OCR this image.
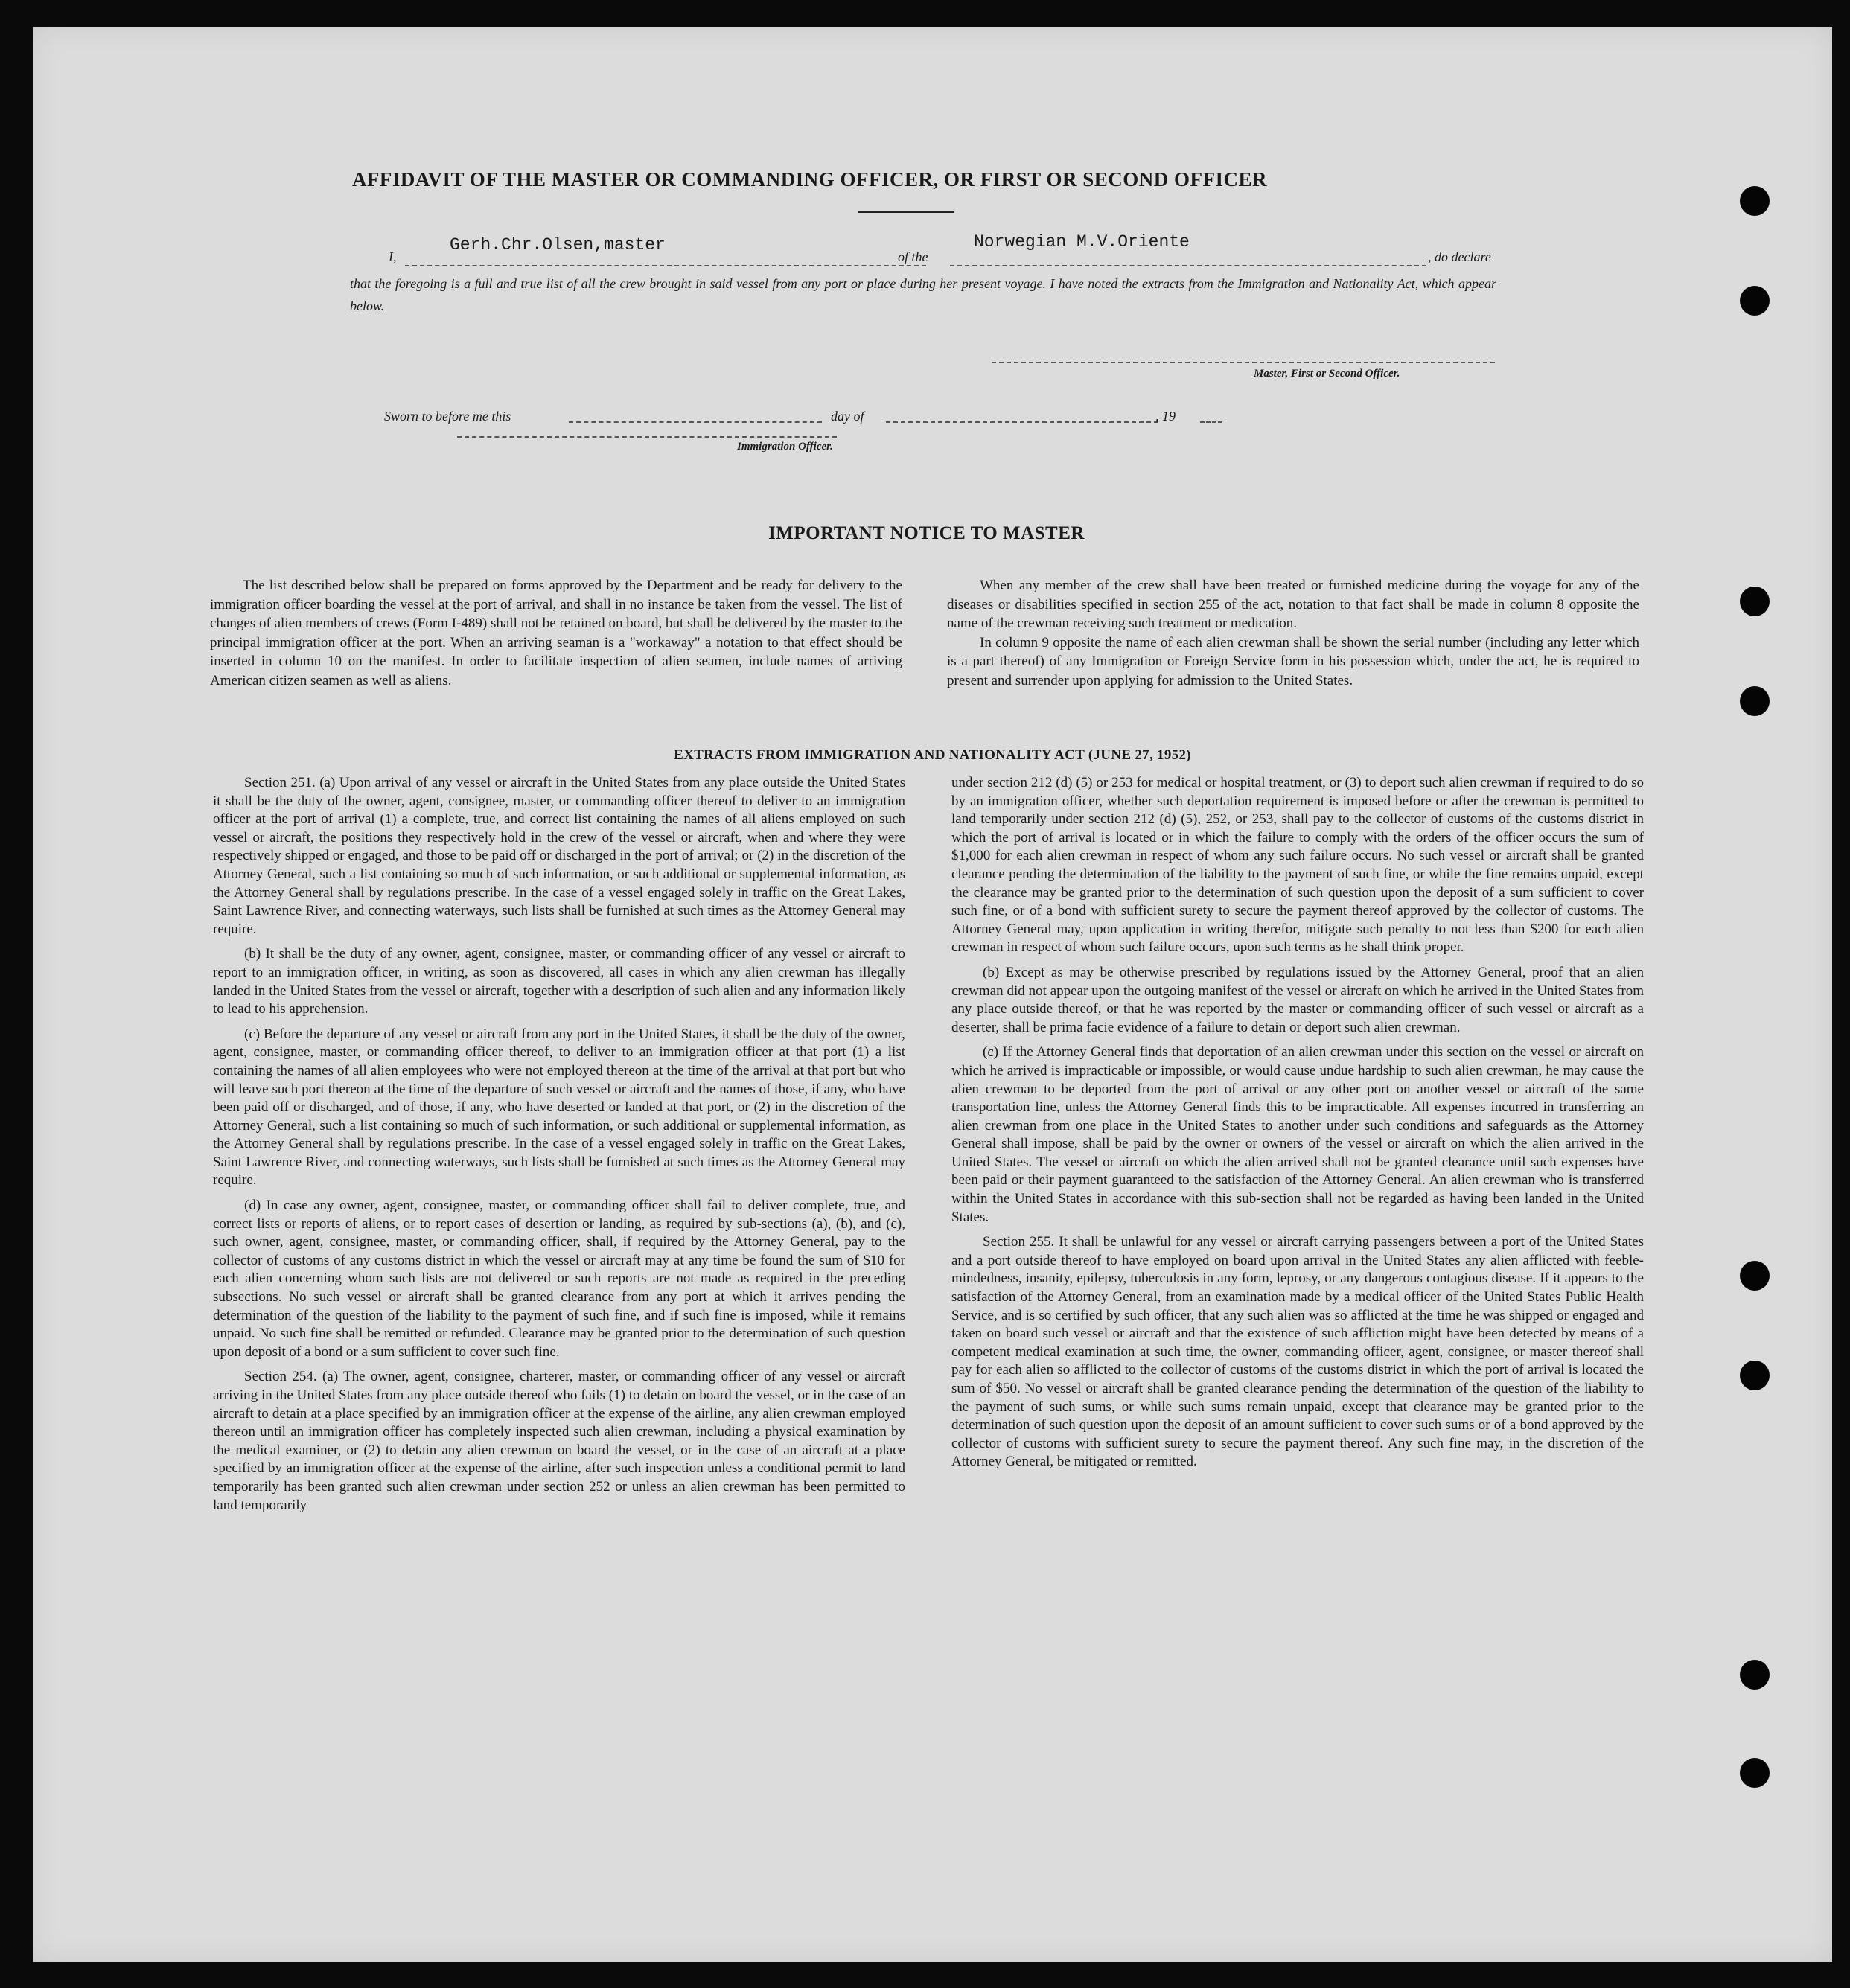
AFFIDAVIT OF THE MASTER OR COMMANDING OFFICER, OR FIRST OR SECOND OFFICER
I,
Gerh.Chr.Olsen,master
of the
Norwegian M.V.Oriente
, do declare
that the foregoing is a full and true list of all the crew brought in said vessel from any port or place during her present voyage. I have noted the extracts from the Immigration and Nationality Act, which appear below.
Master, First or Second Officer.
Sworn to before me this	day of	, 19
Immigration Officer.
IMPORTANT NOTICE TO MASTER

The list described below shall be prepared on forms approved by the Department and be ready for delivery to the immigration officer boarding the vessel at the port of arrival, and shall in no instance be taken from the vessel. The list of changes of alien members of crews (Form I-489) shall not be retained on board, but shall be delivered by the master to the principal immigration officer at the port. When an arriving seaman is a "workaway" a notation to that effect should be inserted in column 10 on the manifest. In order to facilitate inspection of alien seamen, include names of arriving American citizen seamen as well as aliens.

When any member of the crew shall have been treated or furnished medicine during the voyage for any of the diseases or disabilities specified in section 255 of the act, notation to that fact shall be made in column 8 opposite the name of the crewman receiving such treatment or medication.

In column 9 opposite the name of each alien crewman shall be shown the serial number (including any letter which is a part thereof) of any Immigration or Foreign Service form in his possession which, under the act, he is required to present and surrender upon applying for admission to the United States.

EXTRACTS FROM IMMIGRATION AND NATIONALITY ACT (JUNE 27, 1952)

Section 251. (a) Upon arrival of any vessel or aircraft in the United States from any place outside the United States it shall be the duty of the owner, agent, consignee, master, or commanding officer thereof to deliver to an immigration officer at the port of arrival (1) a complete, true, and correct list containing the names of all aliens employed on such vessel or aircraft, the positions they respectively hold in the crew of the vessel or aircraft, when and where they were respectively shipped or engaged, and those to be paid off or discharged in the port of arrival; or (2) in the discretion of the Attorney General, such a list containing so much of such information, or such additional or supplemental information, as the Attorney General shall by regulations prescribe. In the case of a vessel engaged solely in traffic on the Great Lakes, Saint Lawrence River, and connecting waterways, such lists shall be furnished at such times as the Attorney General may require.

(b) It shall be the duty of any owner, agent, consignee, master, or commanding officer of any vessel or aircraft to report to an immigration officer, in writing, as soon as discovered, all cases in which any alien crewman has illegally landed in the United States from the vessel or aircraft, together with a description of such alien and any information likely to lead to his apprehension.

(c) Before the departure of any vessel or aircraft from any port in the United States, it shall be the duty of the owner, agent, consignee, master, or commanding officer thereof, to deliver to an immigration officer at that port (1) a list containing the names of all alien employees who were not employed thereon at the time of the arrival at that port but who will leave such port thereon at the time of the departure of such vessel or aircraft and the names of those, if any, who have been paid off or discharged, and of those, if any, who have deserted or landed at that port, or (2) in the discretion of the Attorney General, such a list containing so much of such information, or such additional or supplemental information, as the Attorney General shall by regulations prescribe. In the case of a vessel engaged solely in traffic on the Great Lakes, Saint Lawrence River, and connecting waterways, such lists shall be furnished at such times as the Attorney General may require.

(d) In case any owner, agent, consignee, master, or commanding officer shall fail to deliver complete, true, and correct lists or reports of aliens, or to report cases of desertion or landing, as required by sub-sections (a), (b), and (c), such owner, agent, consignee, master, or commanding officer, shall, if required by the Attorney General, pay to the collector of customs of any customs district in which the vessel or aircraft may at any time be found the sum of $10 for each alien concerning whom such lists are not delivered or such reports are not made as required in the preceding subsections. No such vessel or aircraft shall be granted clearance from any port at which it arrives pending the determination of the question of the liability to the payment of such fine, and if such fine is imposed, while it remains unpaid. No such fine shall be remitted or refunded. Clearance may be granted prior to the determination of such question upon deposit of a bond or a sum sufficient to cover such fine.

Section 254. (a) The owner, agent, consignee, charterer, master, or commanding officer of any vessel or aircraft arriving in the United States from any place outside thereof who fails (1) to detain on board the vessel, or in the case of an aircraft to detain at a place specified by an immigration officer at the expense of the airline, any alien crewman employed thereon until an immigration officer has completely inspected such alien crewman, including a physical examination by the medical examiner, or (2) to detain any alien crewman on board the vessel, or in the case of an aircraft at a place specified by an immigration officer at the expense of the airline, after such inspection unless a conditional permit to land temporarily has been granted such alien crewman under section 252 or unless an alien crewman has been permitted to land temporarily

under section 212 (d) (5) or 253 for medical or hospital treatment, or (3) to deport such alien crewman if required to do so by an immigration officer, whether such deportation requirement is imposed before or after the crewman is permitted to land temporarily under section 212 (d) (5), 252, or 253, shall pay to the collector of customs of the customs district in which the port of arrival is located or in which the failure to comply with the orders of the officer occurs the sum of $1,000 for each alien crewman in respect of whom any such failure occurs. No such vessel or aircraft shall be granted clearance pending the determination of the liability to the payment of such fine, or while the fine remains unpaid, except the clearance may be granted prior to the determination of such question upon the deposit of a sum sufficient to cover such fine, or of a bond with sufficient surety to secure the payment thereof approved by the collector of customs. The Attorney General may, upon application in writing therefor, mitigate such penalty to not less than $200 for each alien crewman in respect of whom such failure occurs, upon such terms as he shall think proper.

(b) Except as may be otherwise prescribed by regulations issued by the Attorney General, proof that an alien crewman did not appear upon the outgoing manifest of the vessel or aircraft on which he arrived in the United States from any place outside thereof, or that he was reported by the master or commanding officer of such vessel or aircraft as a deserter, shall be prima facie evidence of a failure to detain or deport such alien crewman.

(c) If the Attorney General finds that deportation of an alien crewman under this section on the vessel or aircraft on which he arrived is impracticable or impossible, or would cause undue hardship to such alien crewman, he may cause the alien crewman to be deported from the port of arrival or any other port on another vessel or aircraft of the same transportation line, unless the Attorney General finds this to be impracticable. All expenses incurred in transferring an alien crewman from one place in the United States to another under such conditions and safeguards as the Attorney General shall impose, shall be paid by the owner or owners of the vessel or aircraft on which the alien arrived in the United States. The vessel or aircraft on which the alien arrived shall not be granted clearance until such expenses have been paid or their payment guaranteed to the satisfaction of the Attorney General. An alien crewman who is transferred within the United States in accordance with this sub-section shall not be regarded as having been landed in the United States.

Section 255. It shall be unlawful for any vessel or aircraft carrying passengers between a port of the United States and a port outside thereof to have employed on board upon arrival in the United States any alien afflicted with feeble-mindedness, insanity, epilepsy, tuberculosis in any form, leprosy, or any dangerous contagious disease. If it appears to the satisfaction of the Attorney General, from an examination made by a medical officer of the United States Public Health Service, and is so certified by such officer, that any such alien was so afflicted at the time he was shipped or engaged and taken on board such vessel or aircraft and that the existence of such affliction might have been detected by means of a competent medical examination at such time, the owner, commanding officer, agent, consignee, or master thereof shall pay for each alien so afflicted to the collector of customs of the customs district in which the port of arrival is located the sum of $50. No vessel or aircraft shall be granted clearance pending the determination of the question of the liability to the payment of such sums, or while such sums remain unpaid, except that clearance may be granted prior to the determination of such question upon the deposit of an amount sufficient to cover such sums or of a bond approved by the collector of customs with sufficient surety to secure the payment thereof. Any such fine may, in the discretion of the Attorney General, be mitigated or remitted.
